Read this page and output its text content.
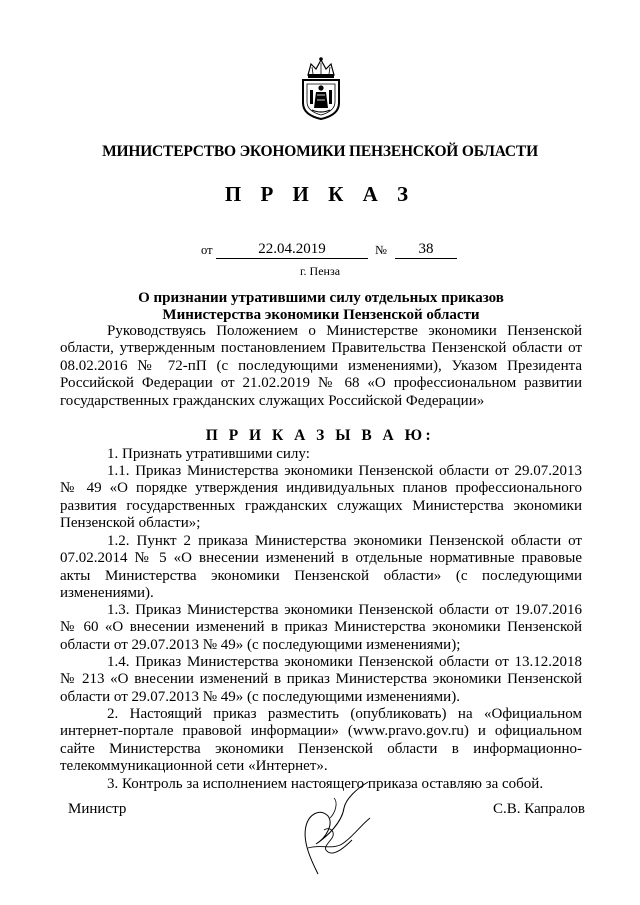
МИНИСТЕРСТВО ЭКОНОМИКИ ПЕНЗЕНСКОЙ ОБЛАСТИ
П Р И К А З
от	22.04.2019	№	38
г. Пенза
О признании утратившими силу отдельных приказов
Министерства экономики Пензенской области

Руководствуясь Положением о Министерстве экономики Пензенской области, утвержденным постановлением Правительства Пензенской области от 08.02.2016 № 72-пП (с последующими изменениями), Указом Президента Российской Федерации от 21.02.2019 № 68 «О профессиональном развитии государственных гражданских служащих Российской Федерации»

П Р И К А З Ы В А Ю:

1. Признать утратившими силу:

1.1. Приказ Министерства экономики Пензенской области от 29.07.2013 № 49 «О порядке утверждения индивидуальных планов профессионального развития государственных гражданских служащих Министерства экономики Пензенской области»;

1.2. Пункт 2 приказа Министерства экономики Пензенской области от 07.02.2014 № 5 «О внесении изменений в отдельные нормативные правовые акты Министерства экономики Пензенской области» (с последующими изменениями).

1.3. Приказ Министерства экономики Пензенской области от 19.07.2016 № 60 «О внесении изменений в приказ Министерства экономики Пензенской области от 29.07.2013 № 49» (с последующими изменениями);

1.4. Приказ Министерства экономики Пензенской области от 13.12.2018 № 213 «О внесении изменений в приказ Министерства экономики Пензенской области от 29.07.2013 № 49» (с последующими изменениями).

2. Настоящий приказ разместить (опубликовать) на «Официальном интернет-портале правовой информации» (www.pravo.gov.ru) и официальном сайте Министерства экономики Пензенской области в информационно-телекоммуникационной сети «Интернет».

3. Контроль за исполнением настоящего приказа оставляю за собой.

Министр	С.В. Капралов
